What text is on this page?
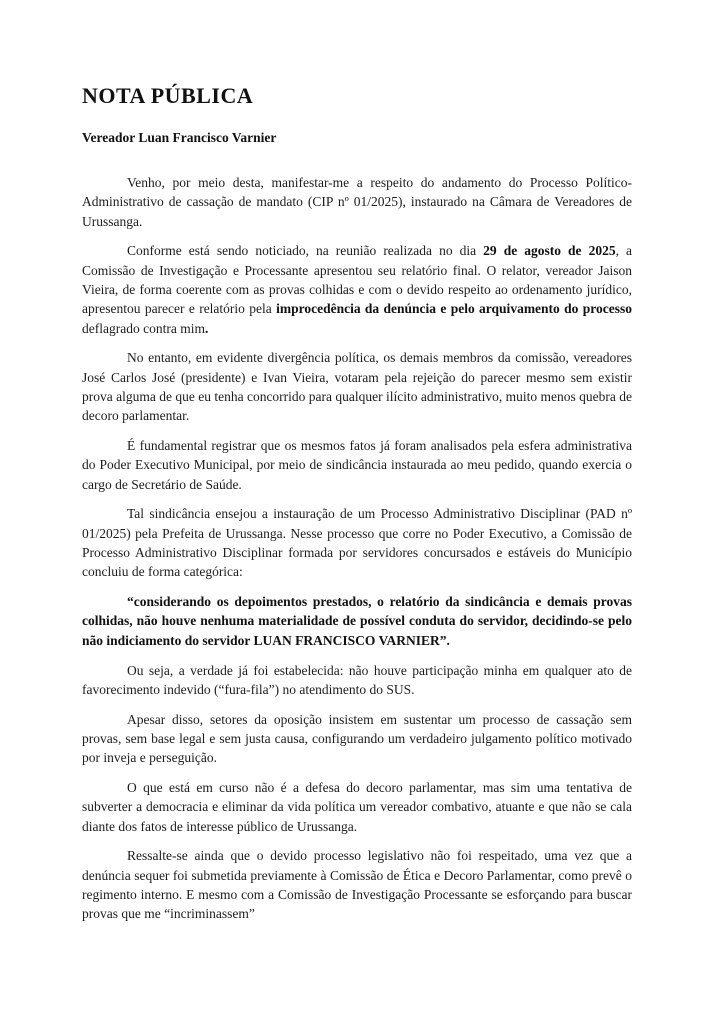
NOTA PÚBLICA
Vereador Luan Francisco Varnier

Venho, por meio desta, manifestar-me a respeito do andamento do Processo Político-Administrativo de cassação de mandato (CIP nº 01/2025), instaurado na Câmara de Vereadores de Urussanga.

Conforme está sendo noticiado, na reunião realizada no dia 29 de agosto de 2025, a Comissão de Investigação e Processante apresentou seu relatório final. O relator, vereador Jaison Vieira, de forma coerente com as provas colhidas e com o devido respeito ao ordenamento jurídico, apresentou parecer e relatório pela improcedência da denúncia e pelo arquivamento do processo deflagrado contra mim.

No entanto, em evidente divergência política, os demais membros da comissão, vereadores José Carlos José (presidente) e Ivan Vieira, votaram pela rejeição do parecer mesmo sem existir prova alguma de que eu tenha concorrido para qualquer ilícito administrativo, muito menos quebra de decoro parlamentar.

É fundamental registrar que os mesmos fatos já foram analisados pela esfera administrativa do Poder Executivo Municipal, por meio de sindicância instaurada ao meu pedido, quando exercia o cargo de Secretário de Saúde.

Tal sindicância ensejou a instauração de um Processo Administrativo Disciplinar (PAD nº 01/2025) pela Prefeita de Urussanga. Nesse processo que corre no Poder Executivo, a Comissão de Processo Administrativo Disciplinar formada por servidores concursados e estáveis do Município concluiu de forma categórica:

“considerando os depoimentos prestados, o relatório da sindicância e demais provas colhidas, não houve nenhuma materialidade de possível conduta do servidor, decidindo-se pelo não indiciamento do servidor LUAN FRANCISCO VARNIER”.

Ou seja, a verdade já foi estabelecida: não houve participação minha em qualquer ato de favorecimento indevido (“fura-fila”) no atendimento do SUS.

Apesar disso, setores da oposição insistem em sustentar um processo de cassação sem provas, sem base legal e sem justa causa, configurando um verdadeiro julgamento político motivado por inveja e perseguição.

O que está em curso não é a defesa do decoro parlamentar, mas sim uma tentativa de subverter a democracia e eliminar da vida política um vereador combativo, atuante e que não se cala diante dos fatos de interesse público de Urussanga.

Ressalte-se ainda que o devido processo legislativo não foi respeitado, uma vez que a denúncia sequer foi submetida previamente à Comissão de Ética e Decoro Parlamentar, como prevê o regimento interno. E mesmo com a Comissão de Investigação Processante se esforçando para buscar provas que me “incriminassem”
